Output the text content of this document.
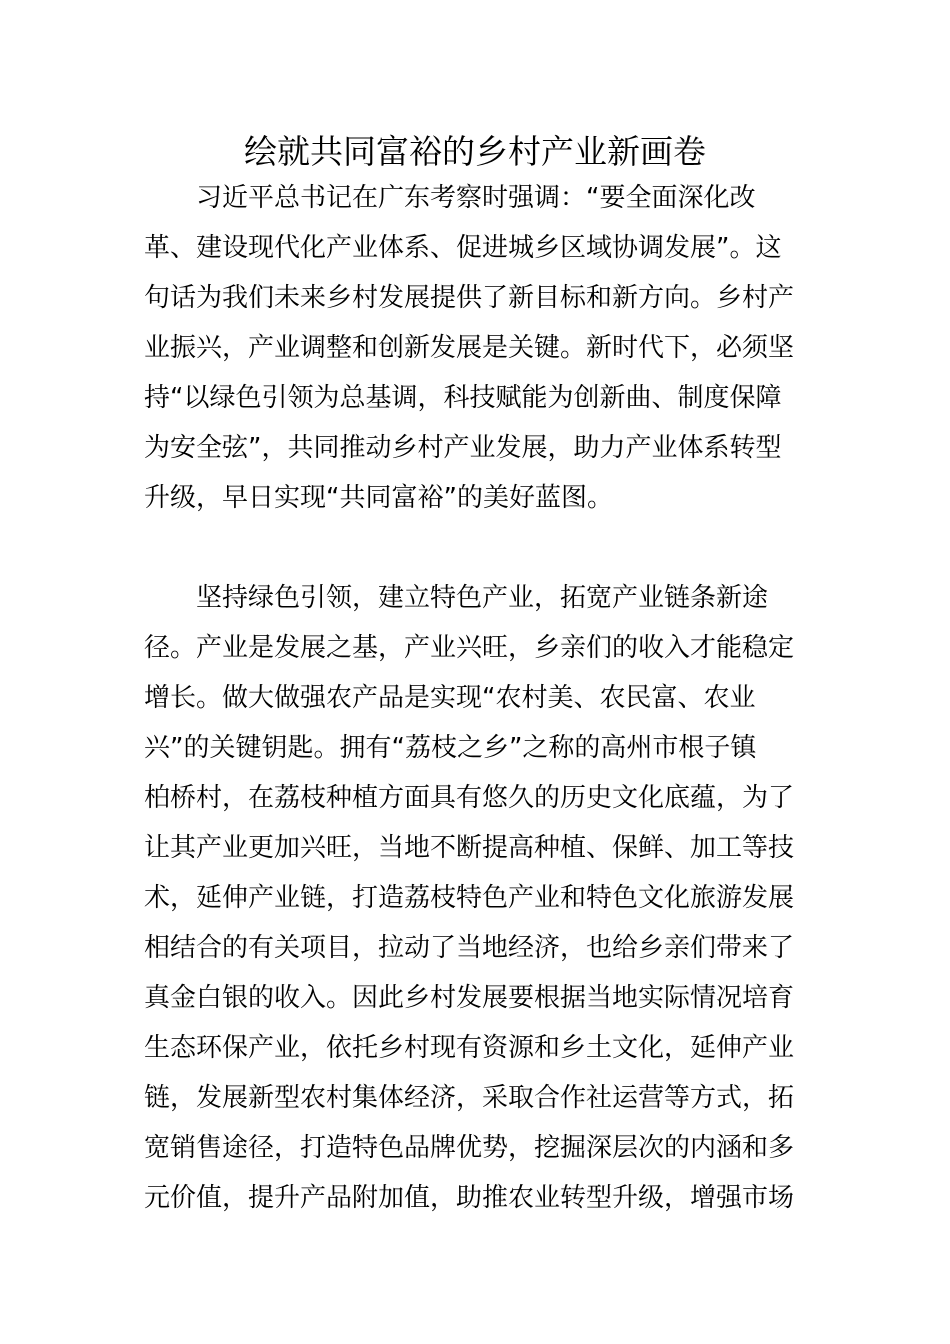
绘就共同富裕的乡村产业新画卷
习近平总书记在广东考察时强调：“要全面深化改
革、建设现代化产业体系、促进城乡区域协调发展”。这
句话为我们未来乡村发展提供了新目标和新方向。乡村产
业振兴，产业调整和创新发展是关键。新时代下，必须坚
持“以绿色引领为总基调，科技赋能为创新曲、制度保障
为安全弦”，共同推动乡村产业发展，助力产业体系转型
升级，早日实现“共同富裕”的美好蓝图。
坚持绿色引领，建立特色产业，拓宽产业链条新途
径。产业是发展之基，产业兴旺，乡亲们的收入才能稳定
增长。做大做强农产品是实现“农村美、农民富、农业
兴”的关键钥匙。拥有“荔枝之乡”之称的高州市根子镇
柏桥村，在荔枝种植方面具有悠久的历史文化底蕴，为了
让其产业更加兴旺，当地不断提高种植、保鲜、加工等技
术，延伸产业链，打造荔枝特色产业和特色文化旅游发展
相结合的有关项目，拉动了当地经济，也给乡亲们带来了
真金白银的收入。因此乡村发展要根据当地实际情况培育
生态环保产业，依托乡村现有资源和乡土文化，延伸产业
链，发展新型农村集体经济，采取合作社运营等方式，拓
宽销售途径，打造特色品牌优势，挖掘深层次的内涵和多
元价值，提升产品附加值，助推农业转型升级，增强市场
